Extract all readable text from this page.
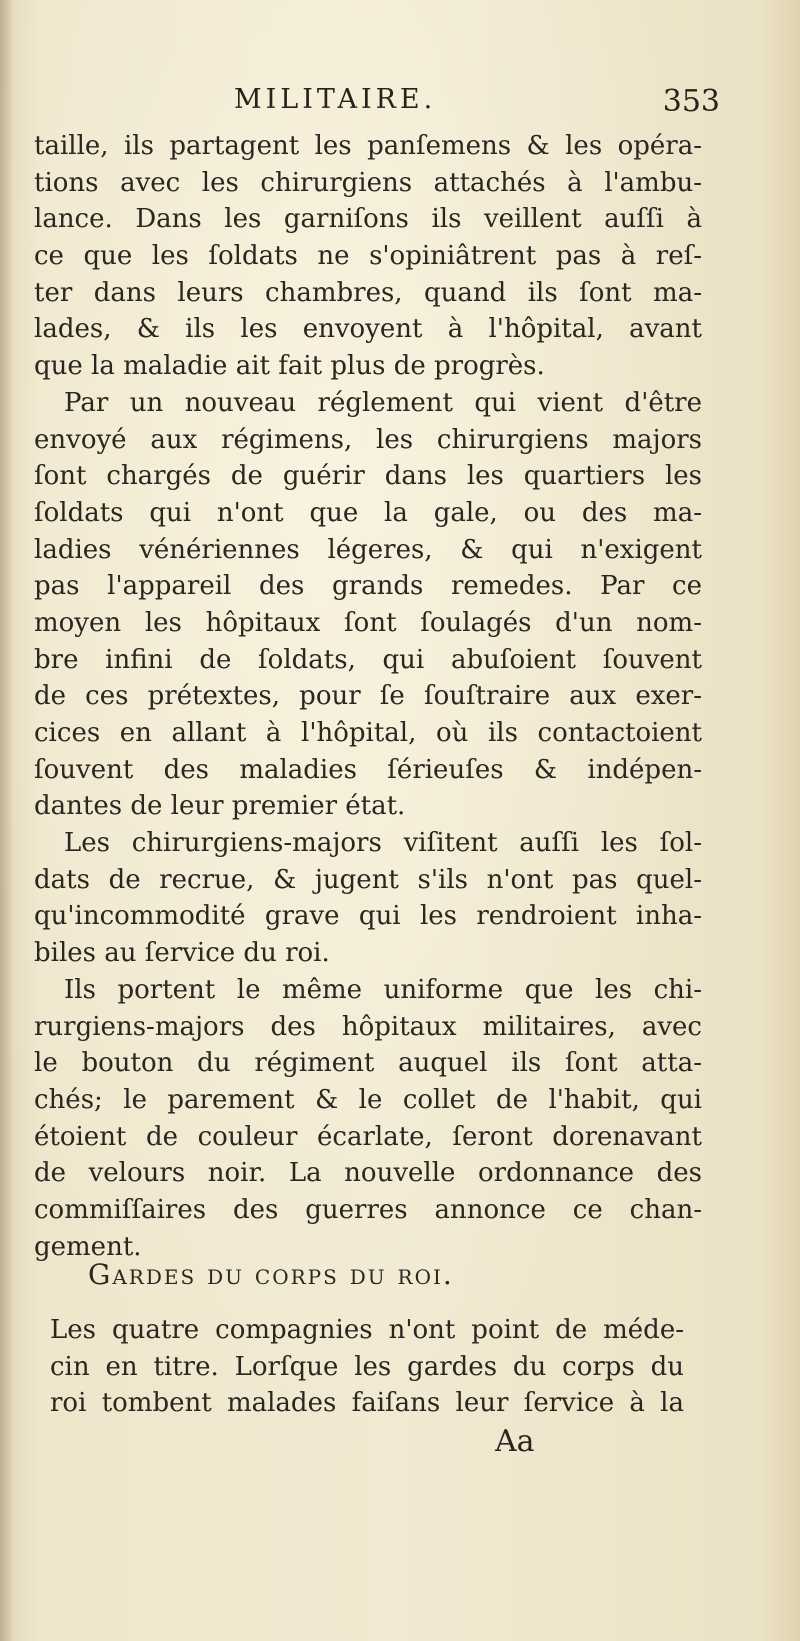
MILITAIRE.	353
taille, ils partagent les panſemens & les opéra-
tions avec les chirurgiens attachés à l'ambu-
lance. Dans les garniſons ils veillent auſſi à
ce que les ſoldats ne s'opiniâtrent pas à reſ-
ter dans leurs chambres, quand ils ſont ma-
lades, & ils les envoyent à l'hôpital, avant
que la maladie ait fait plus de progrès.
Par un nouveau réglement qui vient d'être
envoyé aux régimens, les chirurgiens majors
ſont chargés de guérir dans les quartiers les
ſoldats qui n'ont que la gale, ou des ma-
ladies vénériennes légeres, & qui n'exigent
pas l'appareil des grands remedes. Par ce
moyen les hôpitaux ſont ſoulagés d'un nom-
bre infini de ſoldats, qui abuſoient ſouvent
de ces prétextes, pour ſe ſouſtraire aux exer-
cices en allant à l'hôpital, où ils contactoient
ſouvent des maladies ſérieuſes & indépen-
dantes de leur premier état.
Les chirurgiens-majors viſitent auſſi les ſol-
dats de recrue, & jugent s'ils n'ont pas quel-
qu'incommodité grave qui les rendroient inha-
biles au ſervice du roi.
Ils portent le même uniforme que les chi-
rurgiens-majors des hôpitaux militaires, avec
le bouton du régiment auquel ils ſont atta-
chés; le parement & le collet de l'habit, qui
étoient de couleur écarlate, ſeront dorenavant
de velours noir. La nouvelle ordonnance des
commiſſaires des guerres annonce ce chan-
gement.
Gardes du corps du roi.
Les quatre compagnies n'ont point de méde-
cin en titre. Lorſque les gardes du corps du
roi tombent malades faiſans leur ſervice à la
Aa
